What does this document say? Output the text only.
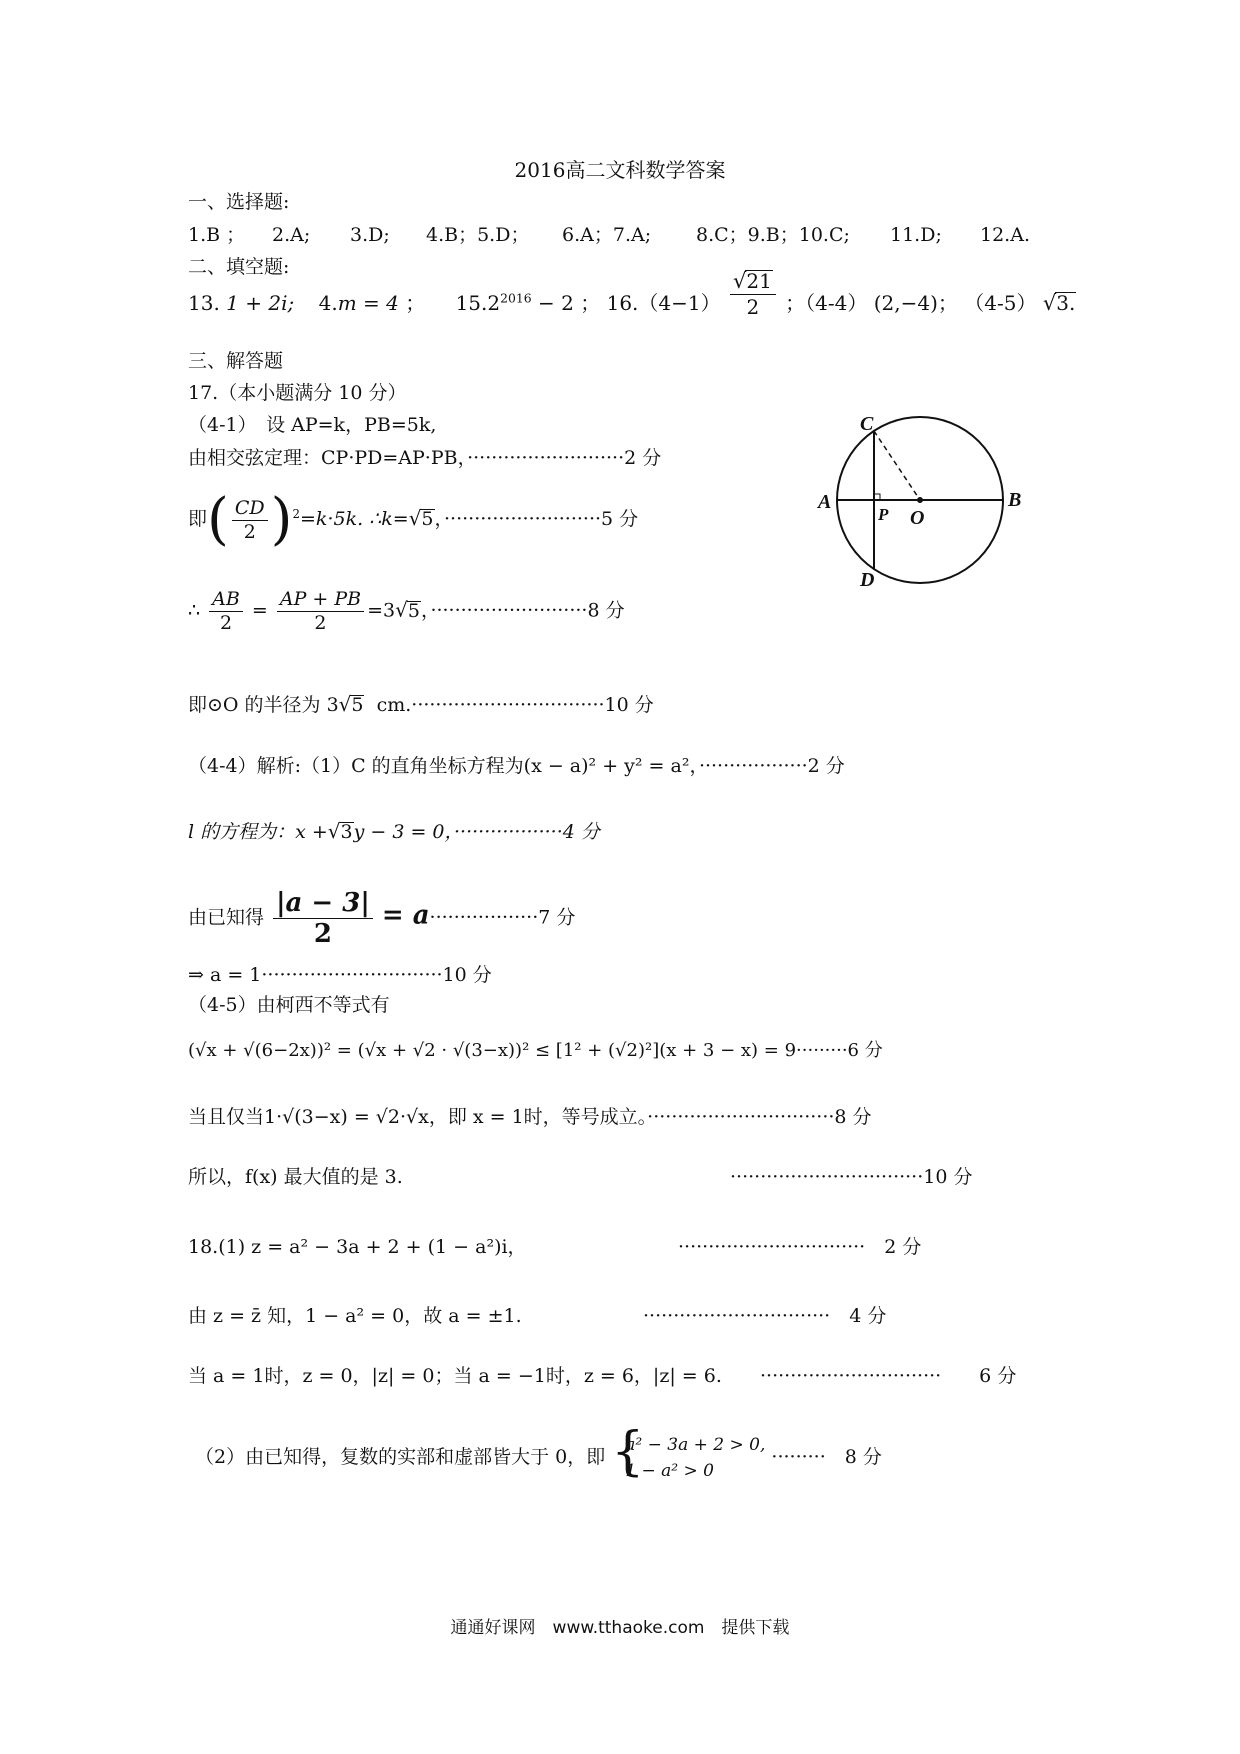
2016高二文科数学答案
一、选择题:
1.B ； 2.A; 3.D; 4.B；5.D； 6.A；7.A; 8.C；9.B；10.C; 11.D; 12.A.
二、填空题:
13. 1 + 2i; 4.m = 4 ； $15.2^{2016} - 2$ ； $16.(4-1) \frac{√21}{2}$ ；（4-4） (2,−4)； （4-5） √3.
三、解答题
17.（本小题满分 10 分）
（4-1）　设 AP=k，PB=5k,
由相交弦定理：CP·PD=AP·PB，··························2 分
即( $\frac{CD}{2} )^2=k\cdot 5k$. ∴k=√5，··························5 分
∴ $\frac{AB}{2} = \frac{AP + PB}{2} =3√5$，··························8 分
即⊙O 的半径为 3√5 cm.································10 分
（4-4）解析:（1）C 的直角坐标方程为(x − a)² + y² = a²，··················2 分
l 的方程为：x +√3y − 3 = 0，··················4 分
由已知得 $\frac{|a - 3|}{2} = a\cdot\cdot\cdot\cdot\cdot\cdot\cdot\cdot\cdot\cdot\cdot\cdot\cdot\cdot\cdot\cdot\cdot\cdot 7$ 分
⇒ a = 1······························10 分
（4-5）由柯西不等式有
(√x + √(6−2x))² = (√x + √2 · √(3−x))² ≤ [1² + (√2)²](x + 3 − x) = 9·········6 分
当且仅当1·√(3−x) = √2·√x，即 x = 1时，等号成立。·······························8 分
所以，f(x) 最大值的是 3.	································10 分
18.(1) z = a² − 3a + 2 + (1 − a²)i，	·······························　2 分
由 z = z̄ 知，1 − a² = 0，故 a = ±1.	·······························　4 分
当 a = 1时，z = 0，|z| = 0；当 a = −1时，z = 6，|z| = 6. ······························　　6 分
（2）由已知得，复数的实部和虚部皆大于 0，即
{ a² − 3a + 2 > 0,
1 − a² > 0
·········　8 分
通通好课网　www.tthaoke.com　提供下载
A
P O
B
C
D
